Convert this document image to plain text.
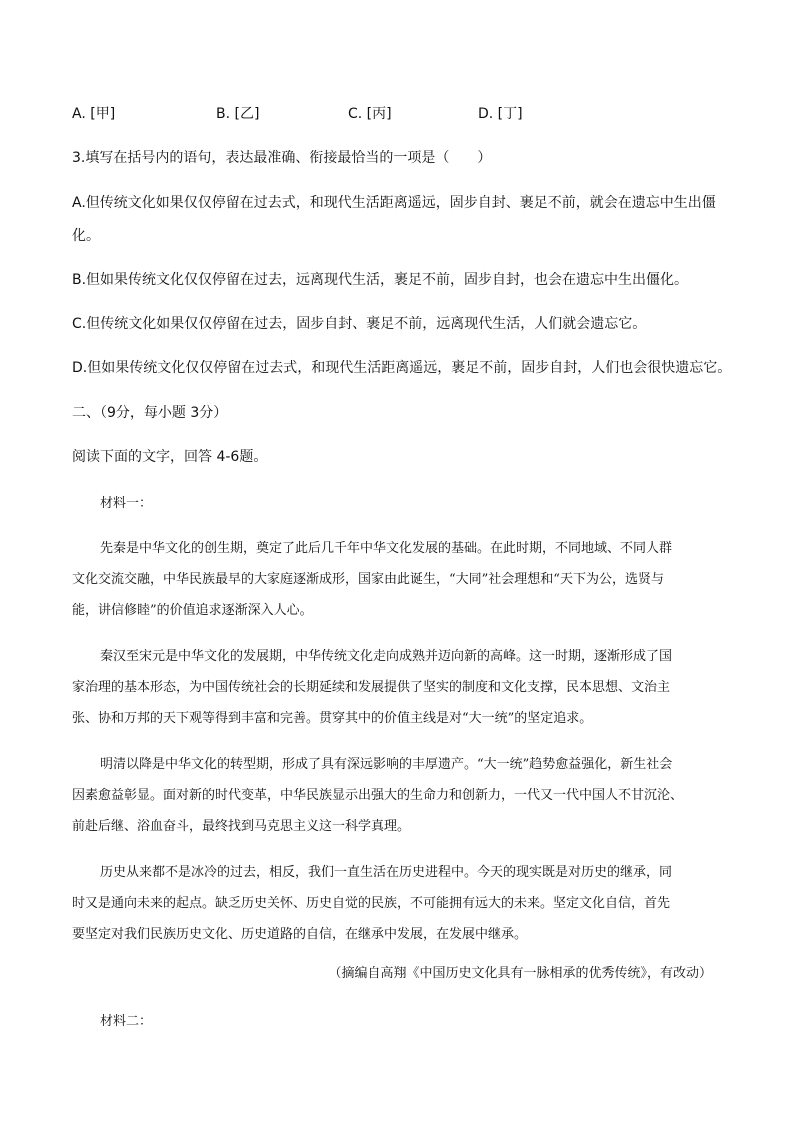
A. [甲]	B. [乙]	C. [丙]	D. [丁]
3.填写在括号内的语句，表达最准确、衔接最恰当的一项是（　　）
A.但传统文化如果仅仅停留在过去式，和现代生活距离遥远，固步自封、裹足不前，就会在遗忘中生出僵
化。
B.但如果传统文化仅仅停留在过去，远离现代生活，裹足不前，固步自封，也会在遗忘中生出僵化。
C.但传统文化如果仅仅停留在过去，固步自封、裹足不前，远离现代生活，人们就会遗忘它。
D.但如果传统文化仅仅停留在过去式，和现代生活距离遥远，裹足不前，固步自封，人们也会很快遗忘它。
二、（9分，每小题 3分）
阅读下面的文字，回答 4-6题。
材料一：
先秦是中华文化的创生期，奠定了此后几千年中华文化发展的基础。在此时期，不同地域、不同人群
文化交流交融，中华民族最早的大家庭逐渐成形，国家由此诞生，“大同”社会理想和“天下为公，选贤与
能，讲信修睦”的价值追求逐渐深入人心。
秦汉至宋元是中华文化的发展期，中华传统文化走向成熟并迈向新的高峰。这一时期，逐渐形成了国
家治理的基本形态，为中国传统社会的长期延续和发展提供了坚实的制度和文化支撑，民本思想、文治主
张、协和万邦的天下观等得到丰富和完善。贯穿其中的价值主线是对“大一统”的坚定追求。
明清以降是中华文化的转型期，形成了具有深远影响的丰厚遗产。“大一统”趋势愈益强化，新生社会
因素愈益彰显。面对新的时代变革，中华民族显示出强大的生命力和创新力，一代又一代中国人不甘沉沦、
前赴后继、浴血奋斗，最终找到马克思主义这一科学真理。
历史从来都不是冰冷的过去，相反，我们一直生活在历史进程中。今天的现实既是对历史的继承，同
时又是通向未来的起点。缺乏历史关怀、历史自觉的民族，不可能拥有远大的未来。坚定文化自信，首先
要坚定对我们民族历史文化、历史道路的自信，在继承中发展，在发展中继承。
（摘编自高翔《中国历史文化具有一脉相承的优秀传统》，有改动）
材料二：
